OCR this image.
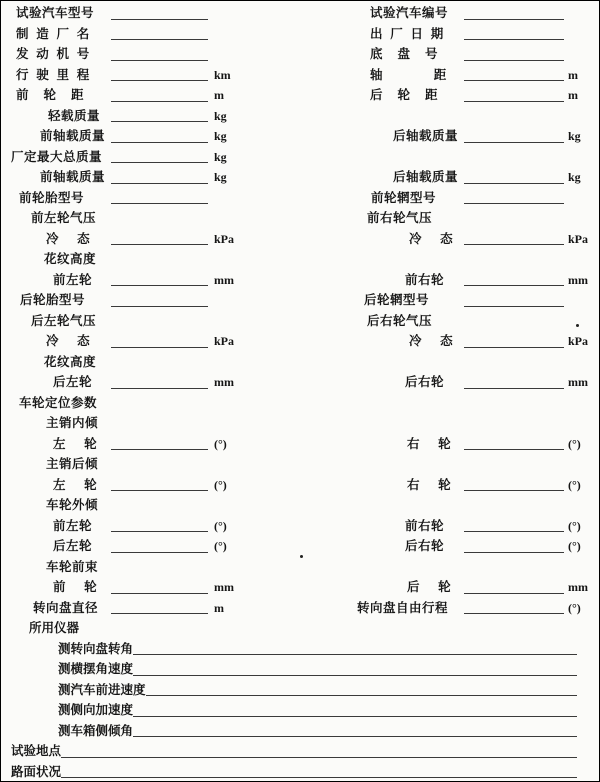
试验汽车型号	试验汽车编号
制  造  厂  名	出  厂  日  期
发  动  机  号	底    盘    号
行  驶  里  程	km	轴              距	m
前    轮    距	m	后    轮    距	m
轻载质量	kg
前轴载质量	kg	后轴载质量	kg
厂定最大总质量	kg
前轴载质量	kg	后轴载质量	kg
前轮胎型号	前轮辋型号
前左轮气压	前右轮气压
冷     态	kPa	冷     态	kPa
花纹高度
前左轮	mm	前右轮	mm
后轮胎型号	后轮辋型号
后左轮气压	后右轮气压
冷     态	kPa	冷     态	kPa
花纹高度
后左轮	mm	后右轮	mm
车轮定位参数
主销内倾
左     轮	(°)	右     轮	(°)
主销后倾
左     轮	(°)	右     轮	(°)
车轮外倾
前左轮	(°)	前右轮	(°)
后左轮	(°)	后右轮	(°)
车轮前束
前     轮	mm	后     轮	mm
转向盘直径	m	转向盘自由行程	(°)
所用仪器
测转向盘转角
测横摆角速度
测汽车前进速度
测侧向加速度
测车箱侧倾角
试验地点
路面状况
